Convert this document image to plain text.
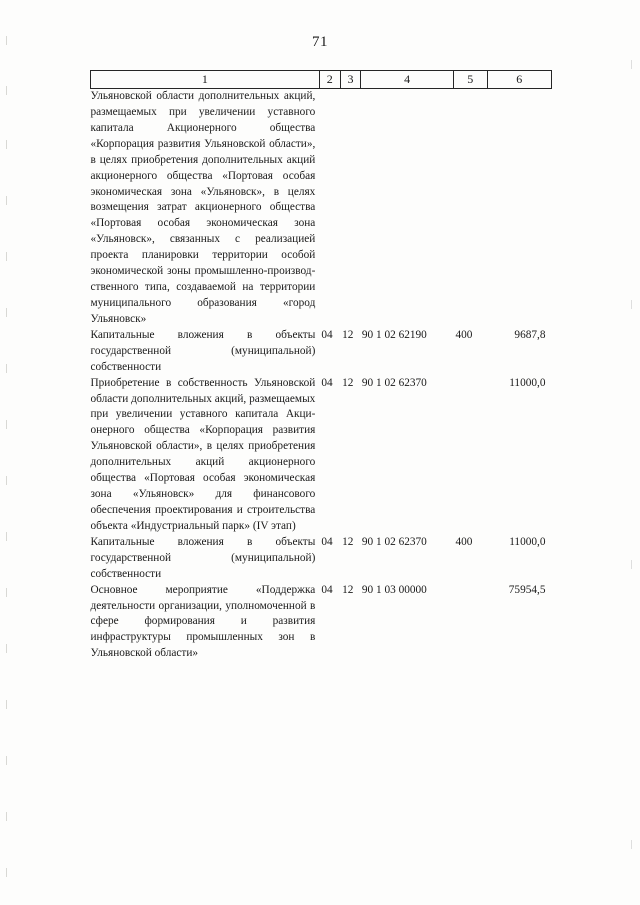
71
1	2	3	4	5	6
Ульяновской области дополнительных акций, размещаемых при увеличении уставного капитала Акционерного общества «Корпорация развития Ульяновской области», в целях приобретения дополнительных акций акционерного общества «Портовая особая экономическая зона «Ульяновск», в целях возмещения затрат акционерного общества «Портовая особая экономическая зона «Ульяновск», связанных с реализацией проекта планировки территории особой экономической зоны промышленно-производственного типа, создаваемой на территории муниципального образования «город Ульяновск»					
Капитальные вложения в объекты государственной (муниципальной) собственности	04	12	90 1 02 62190	400	9687,8
Приобретение в собственность Ульяновской области дополнительных акций, размещаемых при увеличении уставного капитала Акционерного общества «Корпорация развития Ульяновской области», в целях приобретения дополнительных акций акционерного общества «Портовая особая экономическая зона «Ульяновск» для финансового обеспечения проектирования и строительства объекта «Индустриальный парк» (IV этап)	04	12	90 1 02 62370		11000,0
Капитальные вложения в объекты государственной (муниципальной) собственности	04	12	90 1 02 62370	400	11000,0
Основное мероприятие «Поддержка деятельности организации, уполномоченной в сфере формирования и развития инфраструктуры промышленных зон в Ульяновской области»	04	12	90 1 03 00000		75954,5
